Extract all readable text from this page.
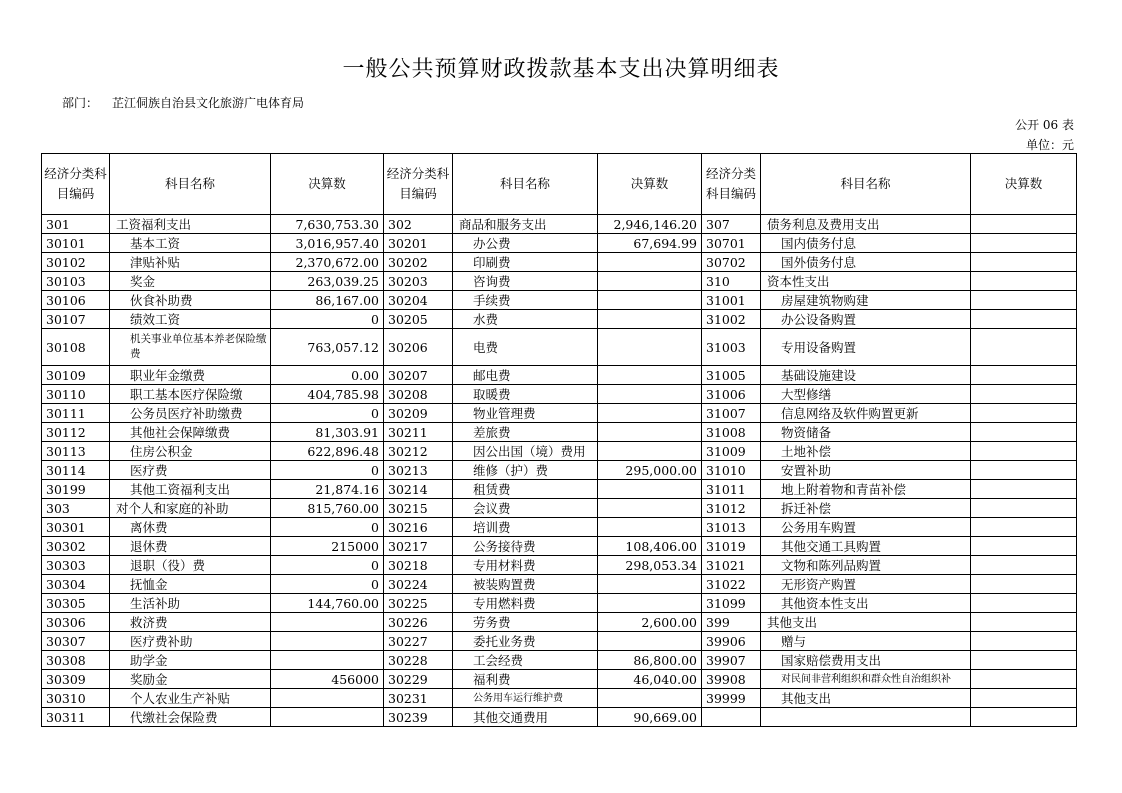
一般公共预算财政拨款基本支出决算明细表
部门： 芷江侗族自治县文化旅游广电体育局
公开 06 表
单位：元
经济分类科目编码	科目名称	决算数	经济分类科目编码	科目名称	决算数	经济分类科目编码	科目名称	决算数
301	工资福利支出	7,630,753.30	302	商品和服务支出	2,946,146.20	307	债务利息及费用支出	
30101	基本工资	3,016,957.40	30201	办公费	67,694.99	30701	国内债务付息	
30102	津贴补贴	2,370,672.00	30202	印刷费		30702	国外债务付息	
30103	奖金	263,039.25	30203	咨询费		310	资本性支出	
30106	伙食补助费	86,167.00	30204	手续费		31001	房屋建筑物购建	
30107	绩效工资	0	30205	水费		31002	办公设备购置	
30108	机关事业单位基本养老保险缴费	763,057.12	30206	电费		31003	专用设备购置	
30109	职业年金缴费	0.00	30207	邮电费		31005	基础设施建设	
30110	职工基本医疗保险缴	404,785.98	30208	取暖费		31006	大型修缮	
30111	公务员医疗补助缴费	0	30209	物业管理费		31007	信息网络及软件购置更新	
30112	其他社会保障缴费	81,303.91	30211	差旅费		31008	物资储备	
30113	住房公积金	622,896.48	30212	因公出国（境）费用		31009	土地补偿	
30114	医疗费	0	30213	维修（护）费	295,000.00	31010	安置补助	
30199	其他工资福利支出	21,874.16	30214	租赁费		31011	地上附着物和青苗补偿	
303	对个人和家庭的补助	815,760.00	30215	会议费		31012	拆迁补偿	
30301	离休费	0	30216	培训费		31013	公务用车购置	
30302	退休费	215000	30217	公务接待费	108,406.00	31019	其他交通工具购置	
30303	退职（役）费	0	30218	专用材料费	298,053.34	31021	文物和陈列品购置	
30304	抚恤金	0	30224	被装购置费		31022	无形资产购置	
30305	生活补助	144,760.00	30225	专用燃料费		31099	其他资本性支出	
30306	救济费		30226	劳务费	2,600.00	399	其他支出	
30307	医疗费补助		30227	委托业务费		39906	赠与	
30308	助学金		30228	工会经费	86,800.00	39907	国家赔偿费用支出	
30309	奖励金	456000	30229	福利费	46,040.00	39908	对民间非营利组织和群众性自治组织补	
30310	个人农业生产补贴		30231	公务用车运行维护费		39999	其他支出	
30311	代缴社会保险费		30239	其他交通费用	90,669.00			
